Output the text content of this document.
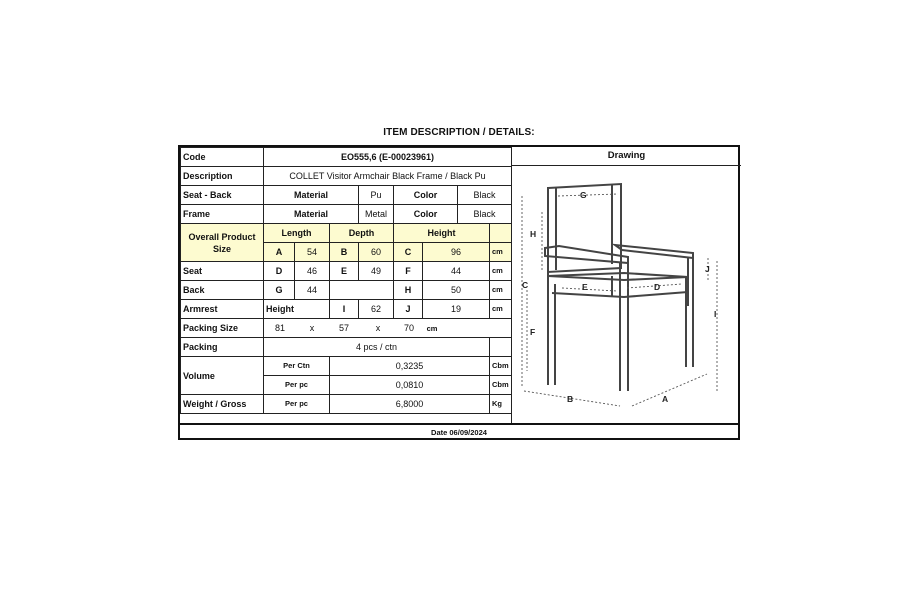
ITEM DESCRIPTION / DETAILS:
Code	EO555,6 (E-00023961)							
Description	COLLET Visitor Armchair Black Frame / Black Pu							
Seat - Back	Material			Pu	Color		Black	
Frame	Material			Metal	Color		Black	
Overall Product Size	Length		Depth		Height			
	A	54	B	60	C	96		cm
Seat	D	46	E	49	F	44		cm
Back	G	44			H	50		cm
Armrest	Height		I	62	J	19		cm
Packing Size	81 x 57 x 70 cm							
Packing	4 pcs / ctn							
Volume	Per Ctn		0,3235					Cbm
	Per pc		0,0810					Cbm
Weight / Gross	Per pc		6,8000					Kg
Drawing
G
H
J
C	E	D
I
F
B	A
Date 06/09/2024
